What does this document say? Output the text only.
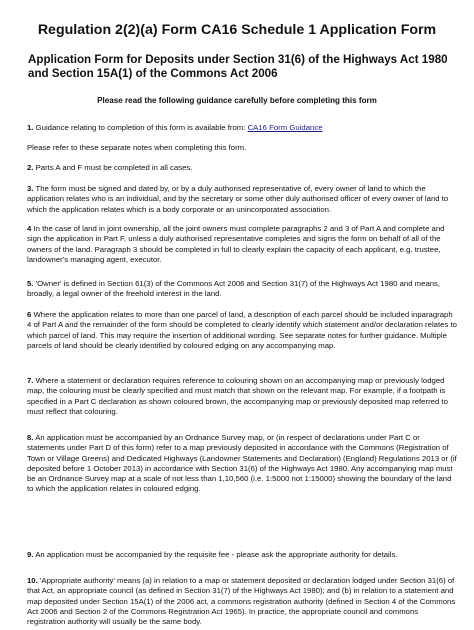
Regulation 2(2)(a) Form CA16 Schedule 1 Application Form
Application Form for Deposits under Section 31(6) of the Highways Act 1980 and Section 15A(1) of the Commons Act 2006
Please read the following guidance carefully before completing this form
1. Guidance relating to completion of this form is available from: CA16 Form Guidance
Please refer to these separate notes when completing this form.
2. Parts A and F must be completed in all cases.
3. The form must be signed and dated by, or by a duly authorised representative of, every owner of land to which the application relates who is an individual, and by the secretary or some other duly authorised officer of every owner of land to which the application relates which is a body corporate or an unincorporated association.
4 In the case of land in joint ownership, all the joint owners must complete paragraphs 2 and 3 of Part A and complete and sign the application in Part F, unless a duly authorised representative completes and signs the form on behalf of all of the owners of the land. Paragraph 3 should be completed in full to clearly explain the capacity of each applicant, e.g. trustee, landowner's managing agent, executor.
5. 'Owner' is defined in Section 61(3) of the Commons Act 2006 and Section 31(7) of the Highways Act 1980 and means, broadly, a legal owner of the freehold interest in the land.
6 Where the application relates to more than one parcel of land, a description of each parcel should be included inparagraph 4 of Part A and the remainder of the form should be completed to clearly identify which statement and/or declaration relates to which parcel of land. This may require the insertion of additional wording. See separate notes for further guidance. Multiple parcels of land should be clearly identified by coloured edging on any accompanying map.
7. Where a statement or declaration requires reference to colouring shown on an accompanying map or previously lodged map, the colouring must be clearly specified and must match that shown on the relevant map. For example, if a footpath is specified in a Part C declaration as shown coloured brown, the accompanying map or previously deposited map referred to must reflect that colouring.
8. An application must be accompanied by an Ordnance Survey map, or (in respect of declarations under Part C or statements under Part D of this form) refer to a map previously deposited in accordance with the Commons (Registration of Town or Village Greens) and Dedicated Highways (Landowner Statements and Declaration) (England) Regulations 2013 or (if deposited before 1 October 2013) in accordance with Section 31(6) of the Highways Act 1980. Any accompanying map must be an Ordnance Survey map at a scale of not less than 1,10,560 (i.e. 1:5000 not 1:15000) showing the boundary of the land to which the application relates in coloured edging.
9. An application must be accompanied by the requisite fee - please ask the appropriate authority for details.
10. 'Appropriate authority' means (a) in relation to a map or statement deposited or declaration lodged under Section 31(6) of that Act, an appropriate council (as defined in Section 31(7) of the Highways Act 1980); and (b) in relation to a statement and map deposited under Section 15A(1) of the 2006 act, a commons registration authority (defined in Section 4 of the Commons Act 2006 and Section 2 of the Commons Registration Act 1965). In practice, the appropriate council and commons registration authority will usually be the same body.
